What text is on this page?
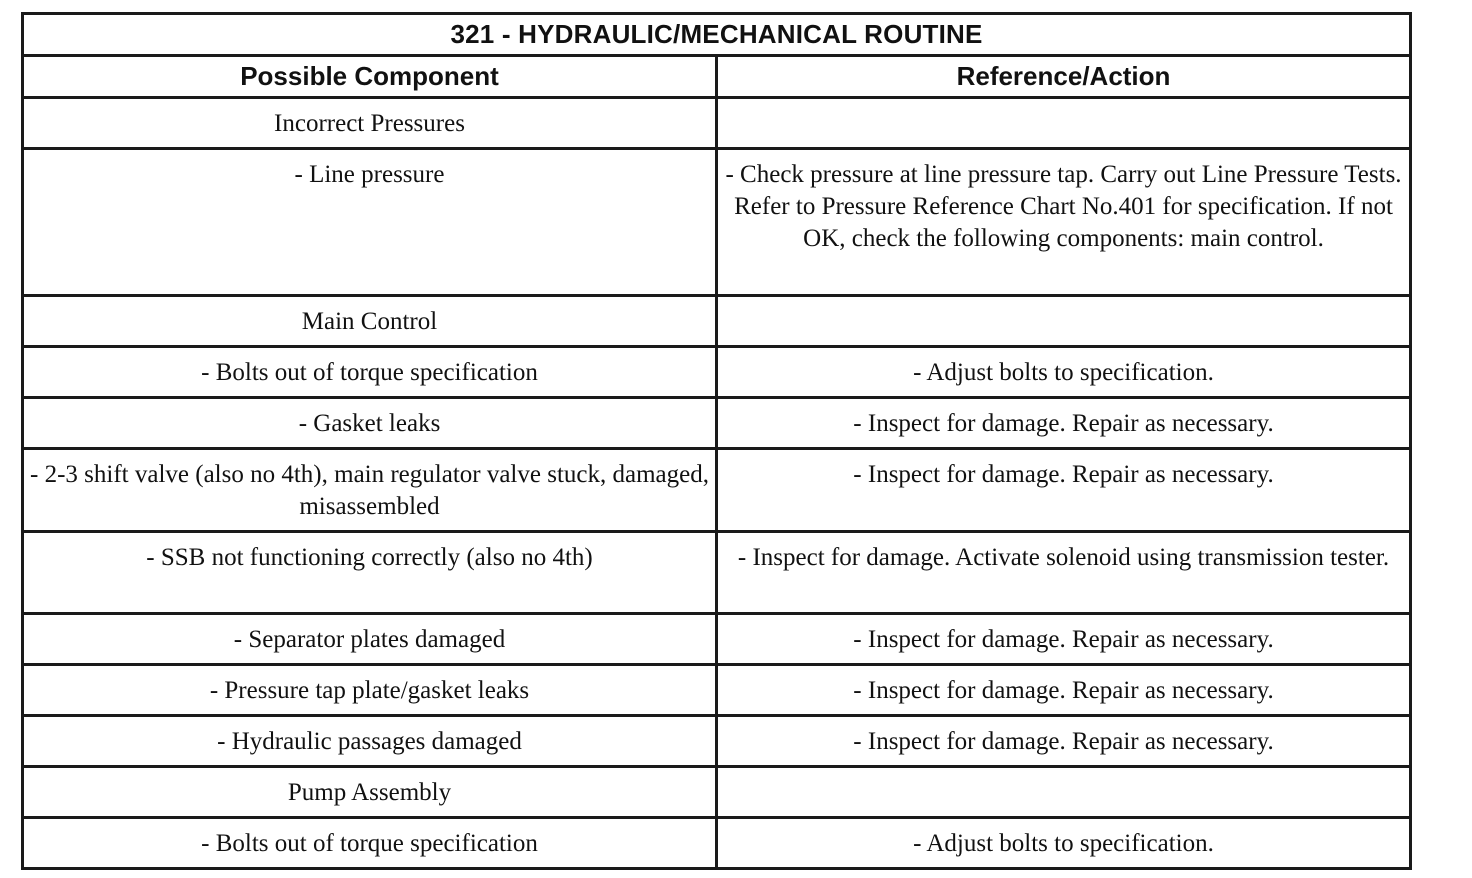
321 - HYDRAULIC/MECHANICAL ROUTINE	
Possible Component	Reference/Action
Incorrect Pressures	
- Line pressure	- Check pressure at line pressure tap. Carry out Line Pressure Tests. Refer to Pressure Reference Chart No.401 for specification. If not OK, check the following components: main control.
Main Control	
- Bolts out of torque specification	- Adjust bolts to specification.
- Gasket leaks	- Inspect for damage. Repair as necessary.
- 2-3 shift valve (also no 4th), main regulator valve stuck, damaged, misassembled	- Inspect for damage. Repair as necessary.
- SSB not functioning correctly (also no 4th)	- Inspect for damage. Activate solenoid using transmission tester.
- Separator plates damaged	- Inspect for damage. Repair as necessary.
- Pressure tap plate/gasket leaks	- Inspect for damage. Repair as necessary.
- Hydraulic passages damaged	- Inspect for damage. Repair as necessary.
Pump Assembly	
- Bolts out of torque specification	- Adjust bolts to specification.
